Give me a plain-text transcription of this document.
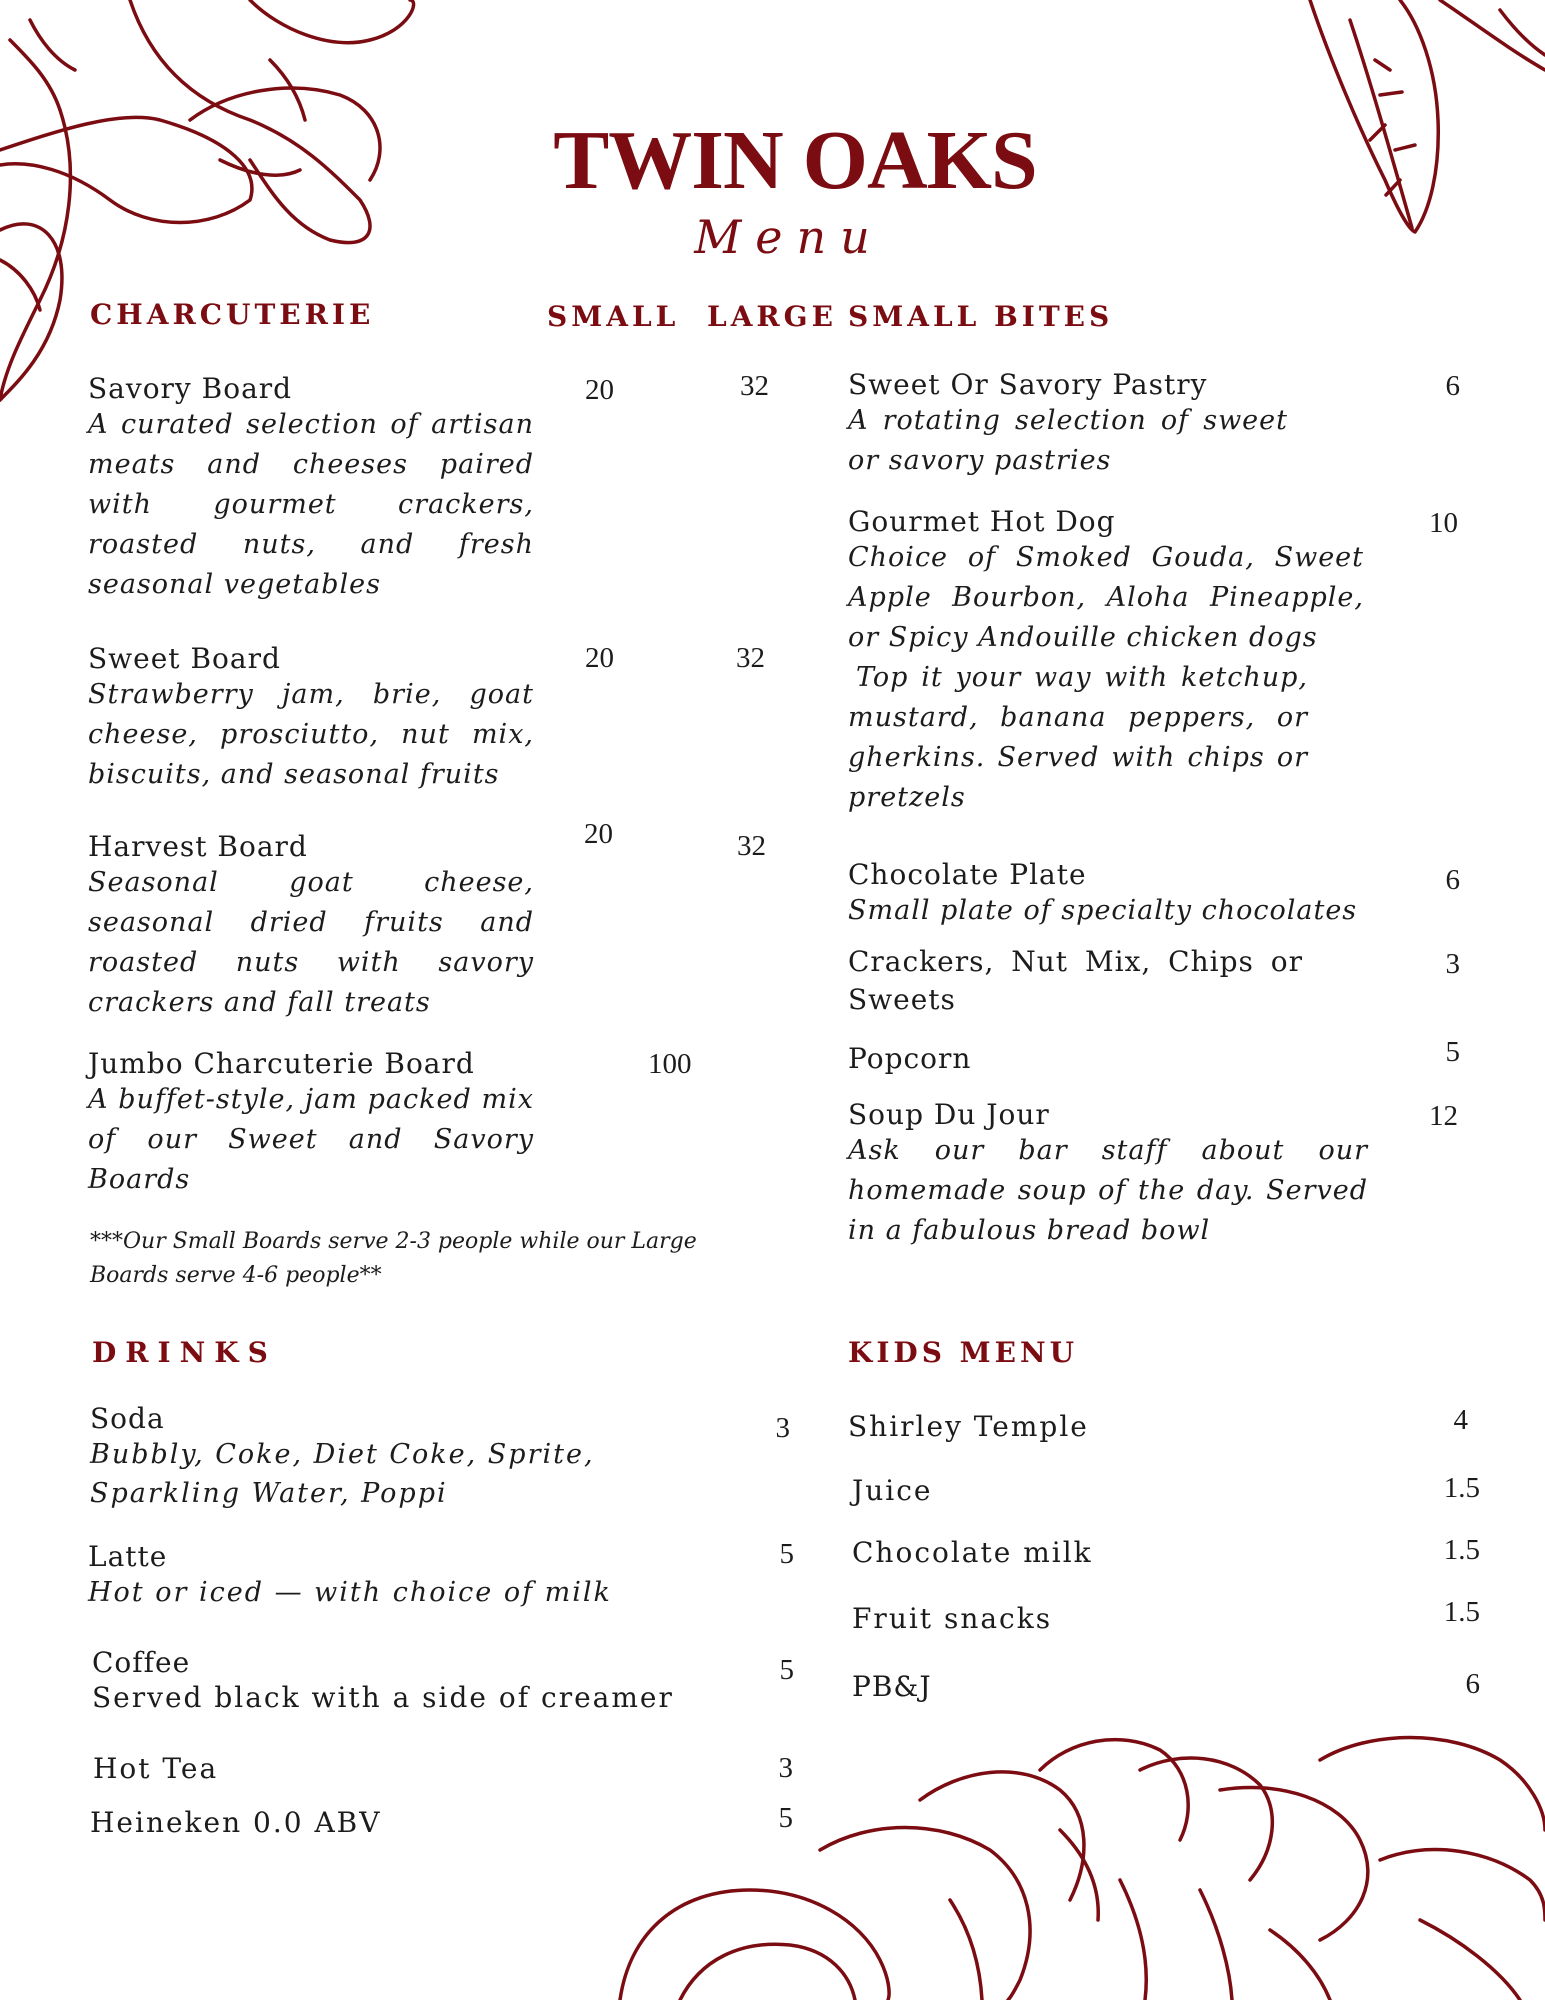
TWIN OAKS
Menu
CHARCUTERIE	SMALL LARGE
Savory Board
A curated selection of artisan meats and cheeses paired with gourmet crackers, roasted nuts, and fresh seasonal vegetables
20	32
Sweet Board
Strawberry jam, brie, goat cheese, prosciutto, nut mix, biscuits, and seasonal fruits
20	32
Harvest Board
Seasonal goat cheese, seasonal dried fruits and roasted nuts with savory crackers and fall treats
20	32
Jumbo Charcuterie Board
A buffet-style, jam packed mix of our Sweet and Savory Boards
100
***Our Small Boards serve 2-3 people while our Large Boards serve 4-6 people**
SMALL BITES
Sweet Or Savory Pastry
A rotating selection of sweet or savory pastries
6
Gourmet Hot Dog
Choice of Smoked Gouda, Sweet Apple Bourbon, Aloha Pineapple, or Spicy Andouille chicken dogs
Top it your way with ketchup, mustard, banana peppers, or gherkins. Served with chips or pretzels
10
Chocolate Plate
Small plate of specialty chocolates
6
Crackers, Nut Mix, Chips or Sweets
3
Popcorn	5
Soup Du Jour
Ask our bar staff about our homemade soup of the day. Served in a fabulous bread bowl
12
DRINKS
Soda
Bubbly, Coke, Diet Coke, Sprite, Sparkling Water, Poppi
3
Latte
Hot or iced — with choice of milk
5
Coffee
Served black with a side of creamer
5
Hot Tea	3
Heineken 0.0 ABV	5
KIDS MENU
Shirley Temple	4
Juice	1.5
Chocolate milk	1.5
Fruit snacks	1.5
PB&J	6
